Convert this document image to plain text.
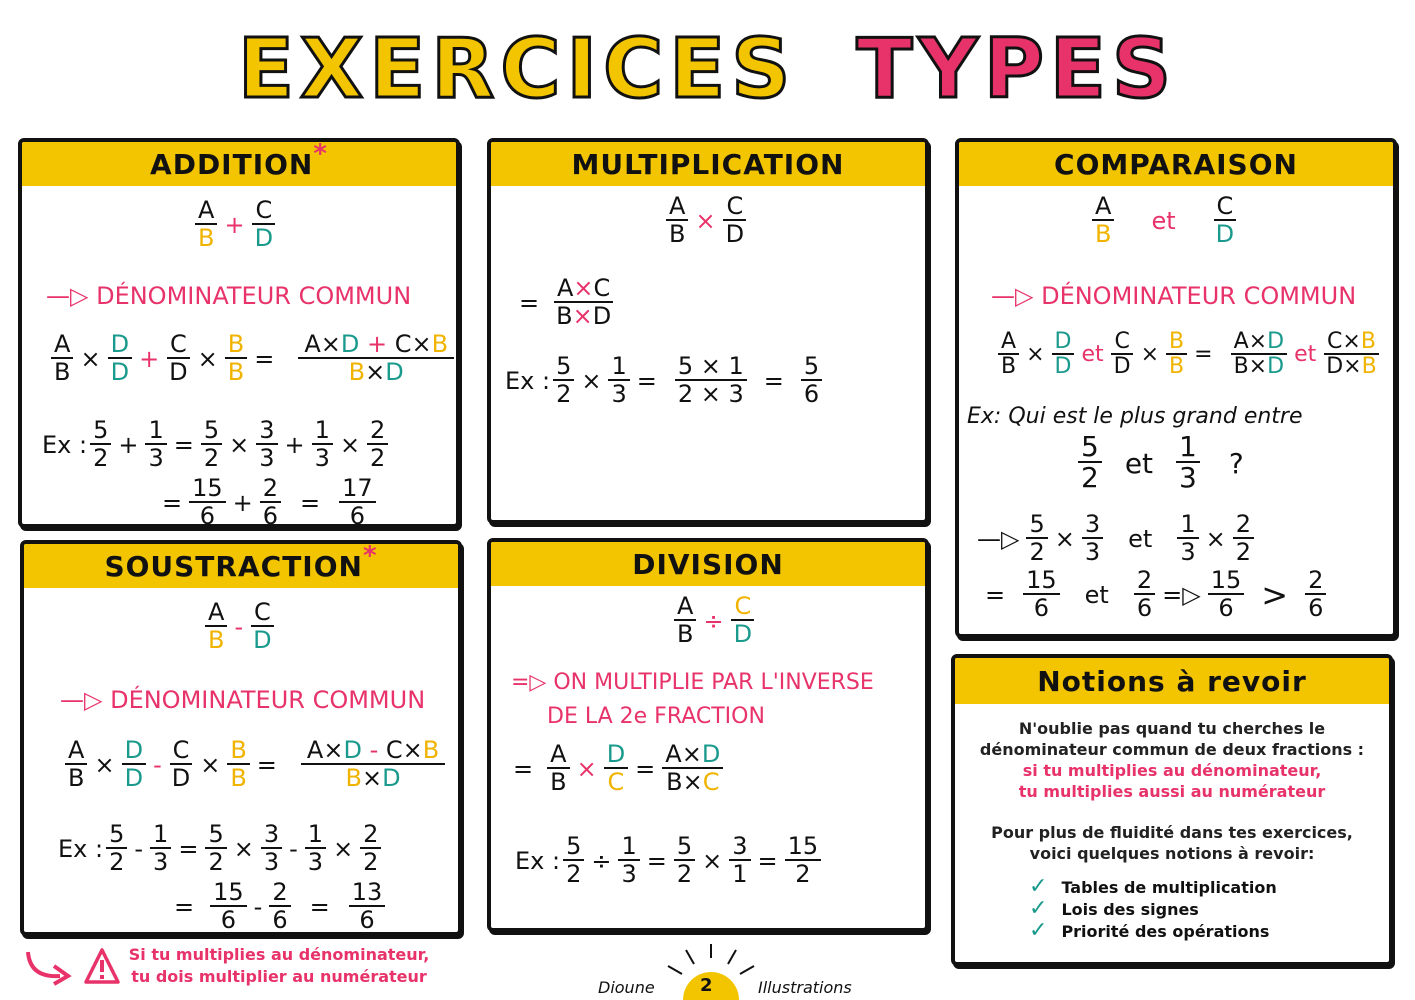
EXERCICES TYPES
ADDITION *
$\frac{A}{B} + \frac{C}{D}$
—▷ DÉNOMINATEUR COMMUN
$\frac{A}{B} \times \frac{D}{D} + \frac{C}{D} \times \frac{B}{B} = \frac{A\times D + C\times B}{B\times D}$
Ex : $\frac{5}{2} + \frac{1}{3} = \frac{5}{2} \times \frac{3}{3} + \frac{1}{3} \times \frac{2}{2}$
= $\frac{15}{6} + \frac{2}{6} = \frac{17}{6}$
MULTIPLICATION
$\frac{A}{B} \times \frac{C}{D}$
= $\frac{A\times C}{B\times D}$
Ex : $\frac{5}{2} \times \frac{1}{3} = \frac{5 \times 1}{2 \times 3} = \frac{5}{6}$
COMPARAISON
$\frac{A}{B}$ et $\frac{C}{D}$
—▷ DÉNOMINATEUR COMMUN
$\frac{A}{B} \times \frac{D}{D}$ et $\frac{C}{D} \times \frac{B}{B} = \frac{A\times D}{B\times D}$ et $\frac{C\times B}{D\times B}$
Ex: Qui est le plus grand entre
$\frac{5}{2}$ et $\frac{1}{3}$ ?
—▷ $\frac{5}{2} \times \frac{3}{3}$ et $\frac{1}{3} \times \frac{2}{2}$
= $\frac{15}{6}$ et $\frac{2}{6}$ =▷ $\frac{15}{6} > \frac{2}{6}$
SOUSTRACTION *
$\frac{A}{B} - \frac{C}{D}$
—▷ DÉNOMINATEUR COMMUN
$\frac{A}{B} \times \frac{D}{D} - \frac{C}{D} \times \frac{B}{B} = \frac{A\times D - C\times B}{B\times D}$
Ex : $\frac{5}{2} - \frac{1}{3} = \frac{5}{2} \times \frac{3}{3} - \frac{1}{3} \times \frac{2}{2}$
= $\frac{15}{6} - \frac{2}{6} = \frac{13}{6}$
DIVISION
$\frac{A}{B} \div \frac{C}{D}$
=▷ ON MULTIPLIE PAR L'INVERSE
DE LA 2e FRACTION
= $\frac{A}{B} \times \frac{D}{C} = \frac{A\times D}{B\times C}$
Ex : $\frac{5}{2} \div \frac{1}{3} = \frac{5}{2} \times \frac{3}{1} = \frac{15}{2}$
Notions à revoir
N'oublie pas quand tu cherches le
dénominateur commun de deux fractions :
si tu multiplies au dénominateur,
tu multiplies aussi au numérateur
Pour plus de fluidité dans tes exercices,
voici quelques notions à revoir:
✓ Tables de multiplication
✓ Lois des signes
✓ Priorité des opérations
Si tu multiplies au dénominateur,
tu dois multiplier au numérateur
Dioune	2	Illustrations
